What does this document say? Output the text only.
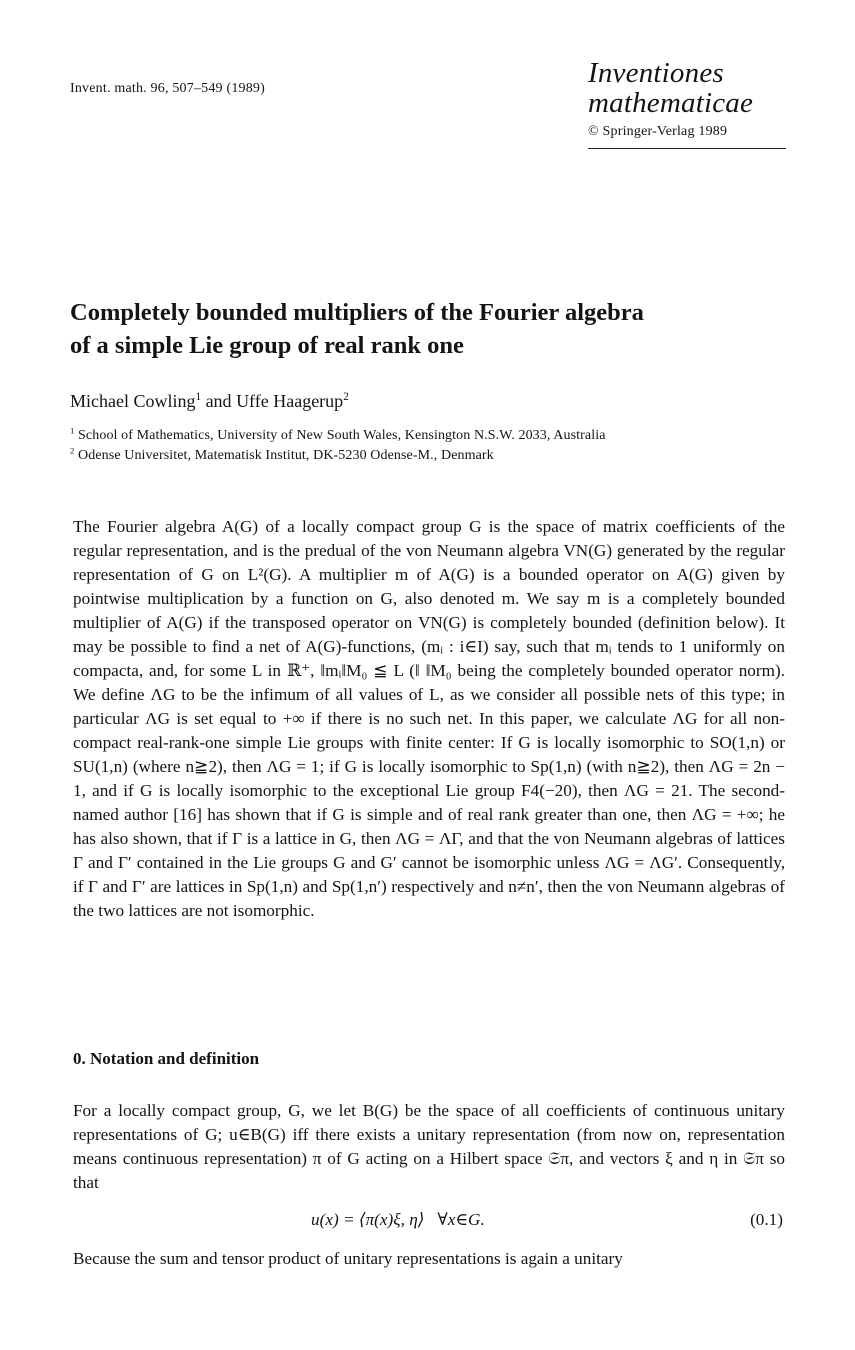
Invent. math. 96, 507–549 (1989)	Inventiones
mathematicae
© Springer-Verlag 1989
Completely bounded multipliers of the Fourier algebra
of a simple Lie group of real rank one
Michael Cowling$^1$ and Uffe Haagerup$^2$
$^1$ School of Mathematics, University of New South Wales, Kensington N.S.W. 2033, Australia
$^2$ Odense Universitet, Matematisk Institut, DK-5230 Odense-M., Denmark

The Fourier algebra A(G) of a locally compact group G is the space of matrix coefficients of the regular representation, and is the predual of the von Neumann algebra VN(G) generated by the regular representation of G on L²(G). A multiplier m of A(G) is a bounded operator on A(G) given by pointwise multiplication by a function on G, also denoted m. We say m is a completely bounded multiplier of A(G) if the transposed operator on VN(G) is completely bounded (definition below). It may be possible to find a net of A(G)-functions, (mᵢ : i∈I) say, such that mᵢ tends to 1 uniformly on compacta, and, for some L in ℝ⁺, ‖mᵢ‖M₀ ≦ L (‖ ‖M₀ being the completely bounded operator norm). We define ΛG to be the infimum of all values of L, as we consider all possible nets of this type; in particular ΛG is set equal to +∞ if there is no such net. In this paper, we calculate ΛG for all non-compact real-rank-one simple Lie groups with finite center: If G is locally isomorphic to SO(1,n) or SU(1,n) (where n≧2), then ΛG = 1; if G is locally isomorphic to Sp(1,n) (with n≧2), then ΛG = 2n − 1, and if G is locally isomorphic to the exceptional Lie group F4(−20), then ΛG = 21. The second-named author [16] has shown that if G is simple and of real rank greater than one, then ΛG = +∞; he has also shown, that if Γ is a lattice in G, then ΛG = ΛΓ, and that the von Neumann algebras of lattices Γ and Γ′ contained in the Lie groups G and G′ cannot be isomorphic unless ΛG = ΛG′. Consequently, if Γ and Γ′ are lattices in Sp(1,n) and Sp(1,n′) respectively and n≠n′, then the von Neumann algebras of the two lattices are not isomorphic.

0. Notation and definition

For a locally compact group, G, we let B(G) be the space of all coefficients of continuous unitary representations of G; u∈B(G) iff there exists a unitary representation (from now on, representation means continuous representation) π of G acting on a Hilbert space 𝔖π, and vectors ξ and η in 𝔖π so that

u(x) = ⟨π(x)ξ, η⟩   ∀x∈G.	(0.1)

Because the sum and tensor product of unitary representations is again a unitary
